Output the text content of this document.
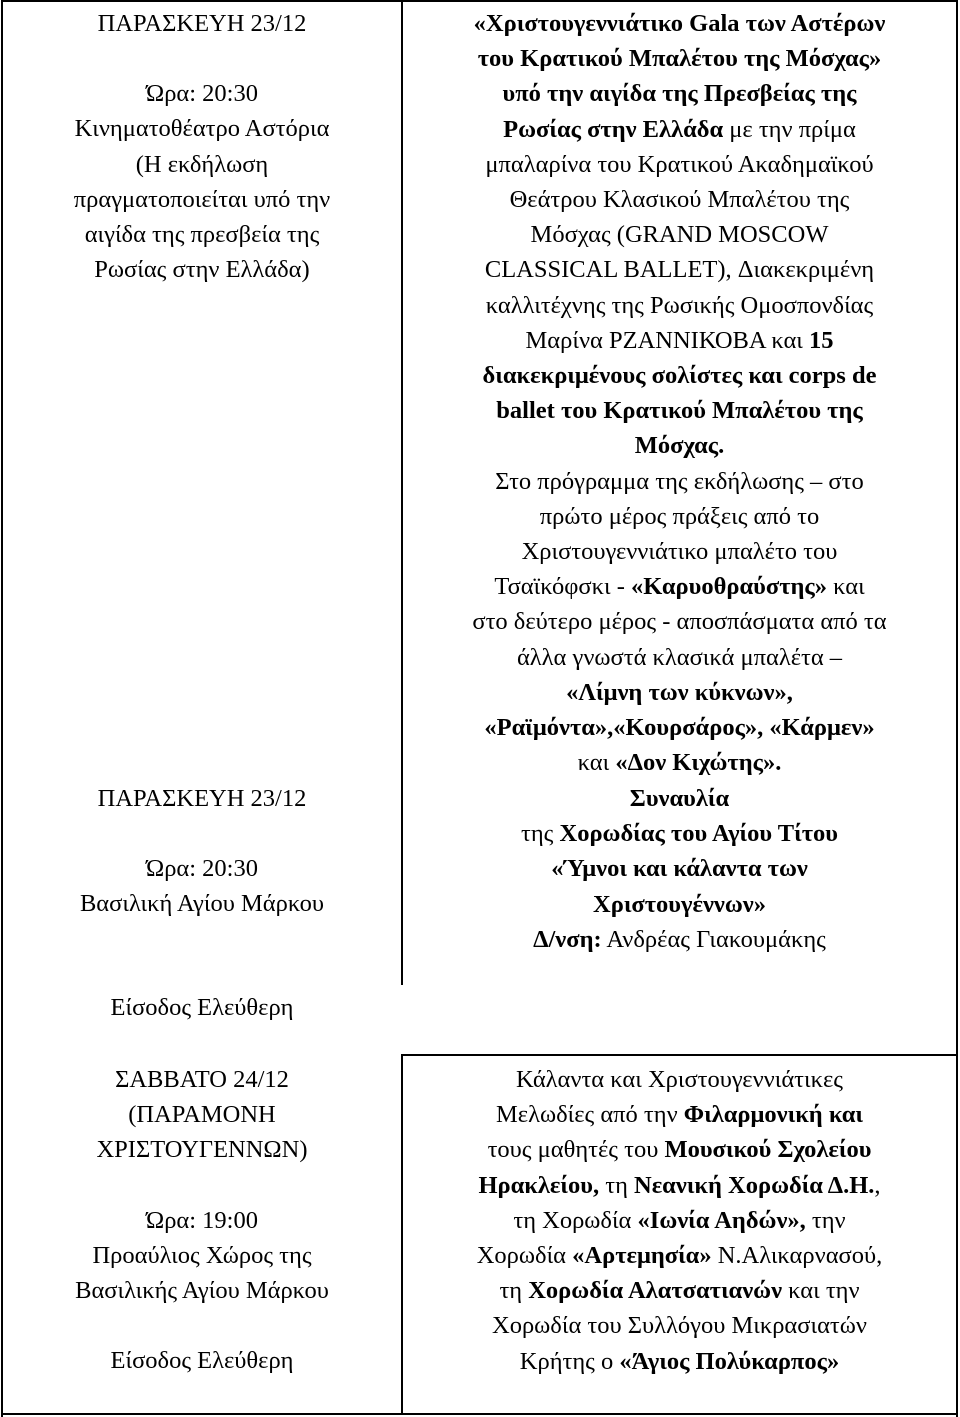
ΠΑΡΑΣΚΕΥΗ 23/12
Ώρα: 20:30
Κινηματοθέατρο Αστόρια
(Η εκδήλωση
πραγματοποιείται υπό την
αιγίδα της πρεσβεία της
Ρωσίας στην Ελλάδα)
«Χριστουγεννιάτικο Gala των Αστέρων
του Κρατικού Μπαλέτου της Μόσχας»
υπό την αιγίδα της Πρεσβείας της
Ρωσίας στην Ελλάδα με την πρίμα
μπαλαρίνα του Κρατικού Ακαδημαϊκού
Θεάτρου Κλασικού Μπαλέτου της
Μόσχας (GRAND MOSCOW
CLASSICAL BALLET), Διακεκριμένη
καλλιτέχνης της Ρωσικής Ομοσπονδίας
Μαρίνα ΡΖΑΝΝΙΚΟΒΑ και 15
διακεκριμένους σολίστες και corps de
ballet του Κρατικού Μπαλέτου της
Μόσχας.
Στο πρόγραμμα της εκδήλωσης – στο
πρώτο μέρος πράξεις από το
Χριστουγεννιάτικο μπαλέτο του
Τσαϊκόφσκι - «Καρυοθραύστης» και
στο δεύτερο μέρος - αποσπάσματα από τα
άλλα γνωστά κλασικά μπαλέτα –
«Λίμνη των κύκνων»,
«Ραϊμόντα»,«Κουρσάρος», «Κάρμεν»
και «Δον Κιχώτης».
ΠΑΡΑΣΚΕΥΗ 23/12
Ώρα: 20:30
Βασιλική Αγίου Μάρκου
Είσοδος Ελεύθερη
Συναυλία
της Χορωδίας του Αγίου Τίτου
«Ύμνοι και κάλαντα των
Χριστουγέννων»
Δ/νση: Ανδρέας Γιακουμάκης
ΣΑΒΒΑΤΟ 24/12
(ΠΑΡΑΜΟΝΗ
ΧΡΙΣΤΟΥΓΕΝΝΩΝ)
Ώρα: 19:00
Προαύλιος Χώρος της
Βασιλικής Αγίου Μάρκου
Είσοδος Ελεύθερη
Κάλαντα και Χριστουγεννιάτικες
Μελωδίες από την Φιλαρμονική και
τους μαθητές του Μουσικού Σχολείου
Ηρακλείου, τη Νεανική Χορωδία Δ.Η.,
τη Χορωδία «Ιωνία Αηδών», την
Χορωδία «Αρτεμησία» Ν.Αλικαρνασού,
τη Χορωδία Αλατσατιανών και την
Χορωδία του Συλλόγου Μικρασιατών
Κρήτης ο «Άγιος Πολύκαρπος»
